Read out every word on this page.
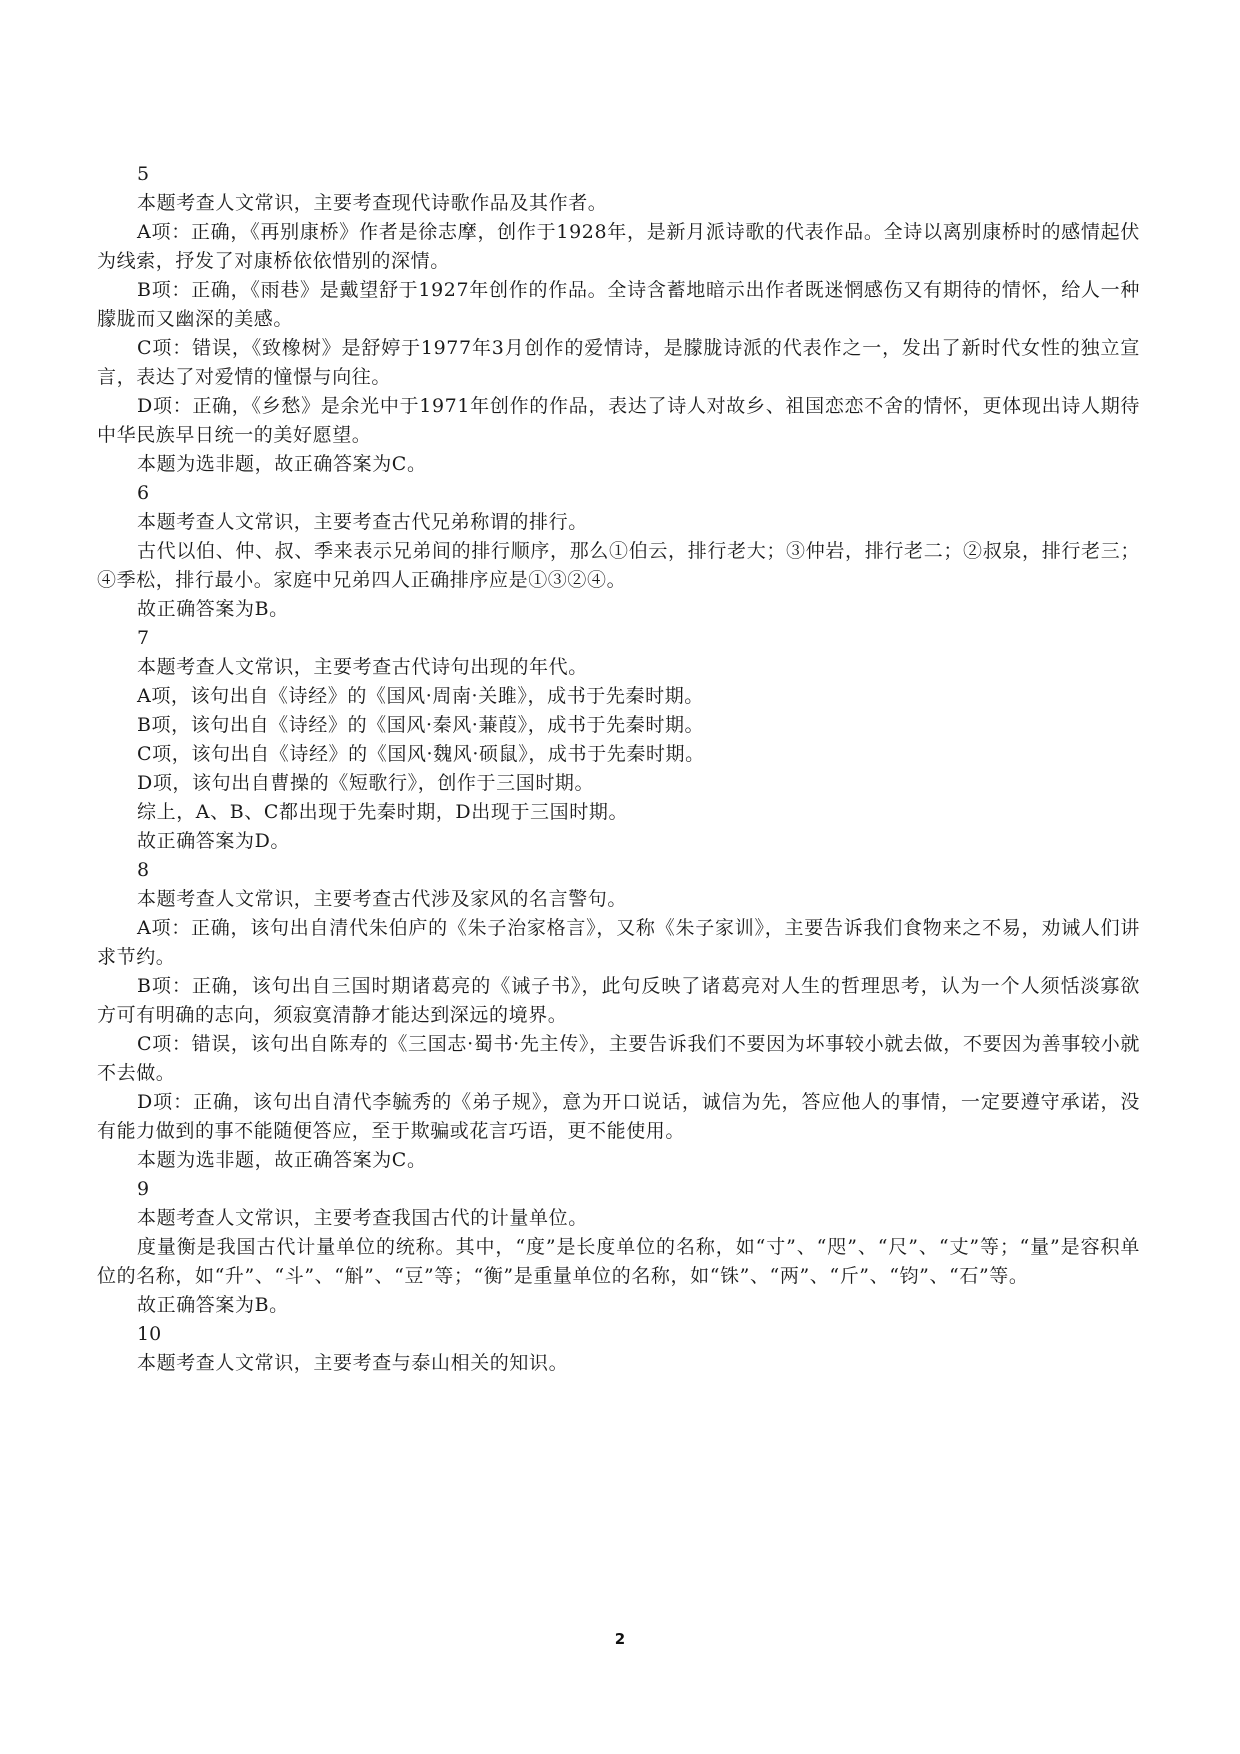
5

本题考查人文常识，主要考查现代诗歌作品及其作者。

A项：正确，《再别康桥》作者是徐志摩，创作于1928年，是新月派诗歌的代表作品。全诗以离别康桥时的感情起伏为线索，抒发了对康桥依依惜别的深情。

B项：正确，《雨巷》是戴望舒于1927年创作的作品。全诗含蓄地暗示出作者既迷惘感伤又有期待的情怀，给人一种朦胧而又幽深的美感。

C项：错误，《致橡树》是舒婷于1977年3月创作的爱情诗，是朦胧诗派的代表作之一，发出了新时代女性的独立宣言，表达了对爱情的憧憬与向往。

D项：正确，《乡愁》是余光中于1971年创作的作品，表达了诗人对故乡、祖国恋恋不舍的情怀，更体现出诗人期待中华民族早日统一的美好愿望。

本题为选非题，故正确答案为C。

6

本题考查人文常识，主要考查古代兄弟称谓的排行。

古代以伯、仲、叔、季来表示兄弟间的排行顺序，那么①伯云，排行老大；③仲岩，排行老二；②叔泉，排行老三；④季松，排行最小。家庭中兄弟四人正确排序应是①③②④。

故正确答案为B。

7

本题考查人文常识，主要考查古代诗句出现的年代。

A项，该句出自《诗经》的《国风·周南·关雎》，成书于先秦时期。

B项，该句出自《诗经》的《国风·秦风·蒹葭》，成书于先秦时期。

C项，该句出自《诗经》的《国风·魏风·硕鼠》，成书于先秦时期。

D项，该句出自曹操的《短歌行》，创作于三国时期。

综上，A、B、C都出现于先秦时期，D出现于三国时期。

故正确答案为D。

8

本题考查人文常识，主要考查古代涉及家风的名言警句。

A项：正确，该句出自清代朱伯庐的《朱子治家格言》，又称《朱子家训》，主要告诉我们食物来之不易，劝诫人们讲求节约。

B项：正确，该句出自三国时期诸葛亮的《诫子书》，此句反映了诸葛亮对人生的哲理思考，认为一个人须恬淡寡欲方可有明确的志向，须寂寞清静才能达到深远的境界。

C项：错误，该句出自陈寿的《三国志·蜀书·先主传》，主要告诉我们不要因为坏事较小就去做，不要因为善事较小就不去做。

D项：正确，该句出自清代李毓秀的《弟子规》，意为开口说话，诚信为先，答应他人的事情，一定要遵守承诺，没有能力做到的事不能随便答应，至于欺骗或花言巧语，更不能使用。

本题为选非题，故正确答案为C。

9

本题考查人文常识，主要考查我国古代的计量单位。

度量衡是我国古代计量单位的统称。其中，“度”是长度单位的名称，如“寸”、“咫”、“尺”、“丈”等；“量”是容积单位的名称，如“升”、“斗”、“斛”、“豆”等；“衡”是重量单位的名称，如“铢”、“两”、“斤”、“钧”、“石”等。

故正确答案为B。

10

本题考查人文常识，主要考查与泰山相关的知识。

2
